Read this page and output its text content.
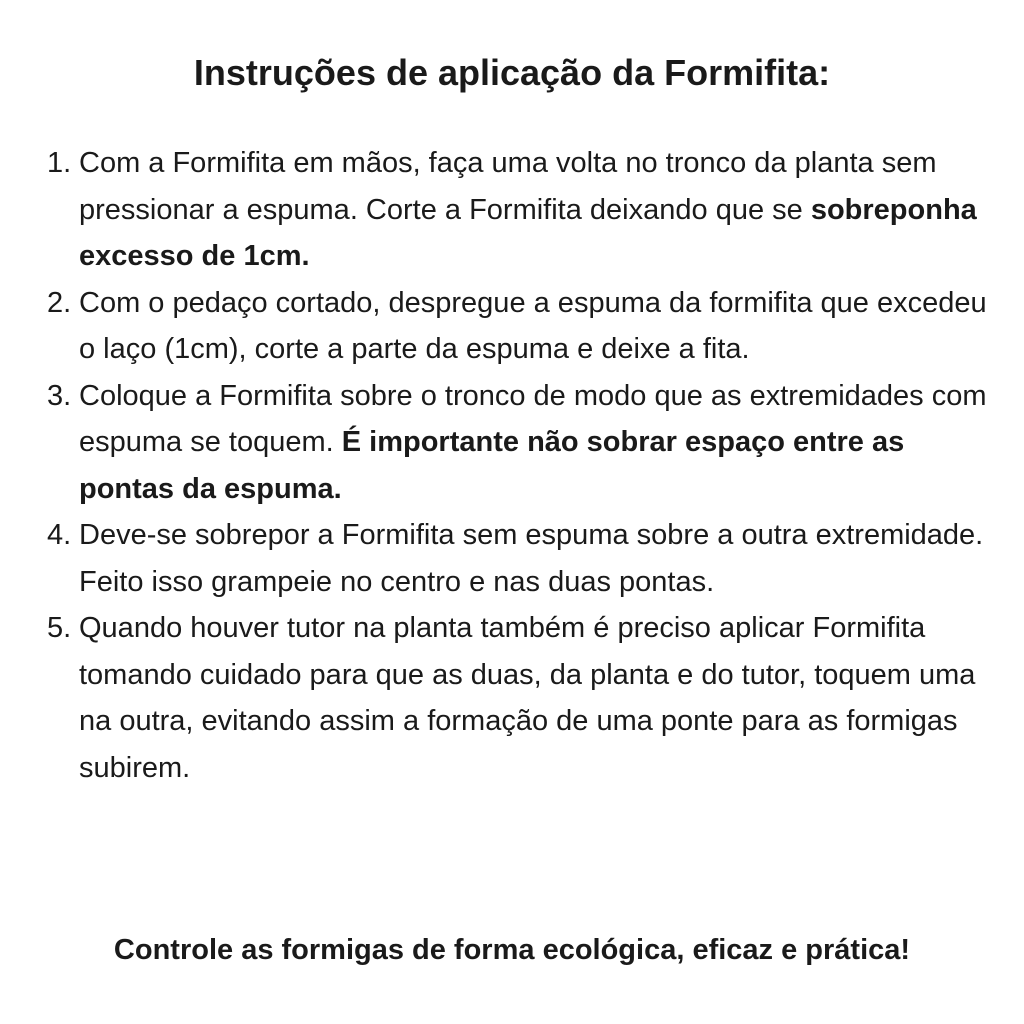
Instruções de aplicação da Formifita:
1. Com a Formifita em mãos, faça uma volta no tronco da planta sem pressionar a espuma. Corte a Formifita deixando que se sobreponha excesso de 1cm.
2. Com o pedaço cortado, despregue a espuma da formifita que excedeu o laço (1cm), corte a parte da espuma e deixe a fita.
3. Coloque a Formifita sobre o tronco de modo que as extremidades com espuma se toquem. É importante não sobrar espaço entre as pontas da espuma.
4. Deve-se sobrepor a Formifita sem espuma sobre a outra extremidade. Feito isso grampeie no centro e nas duas pontas.
5. Quando houver tutor na planta também é preciso aplicar Formifita tomando cuidado para que as duas, da planta e do tutor, toquem uma na outra, evitando assim a formação de uma ponte para as formigas subirem.

Controle as formigas de forma ecológica, eficaz e prática!
